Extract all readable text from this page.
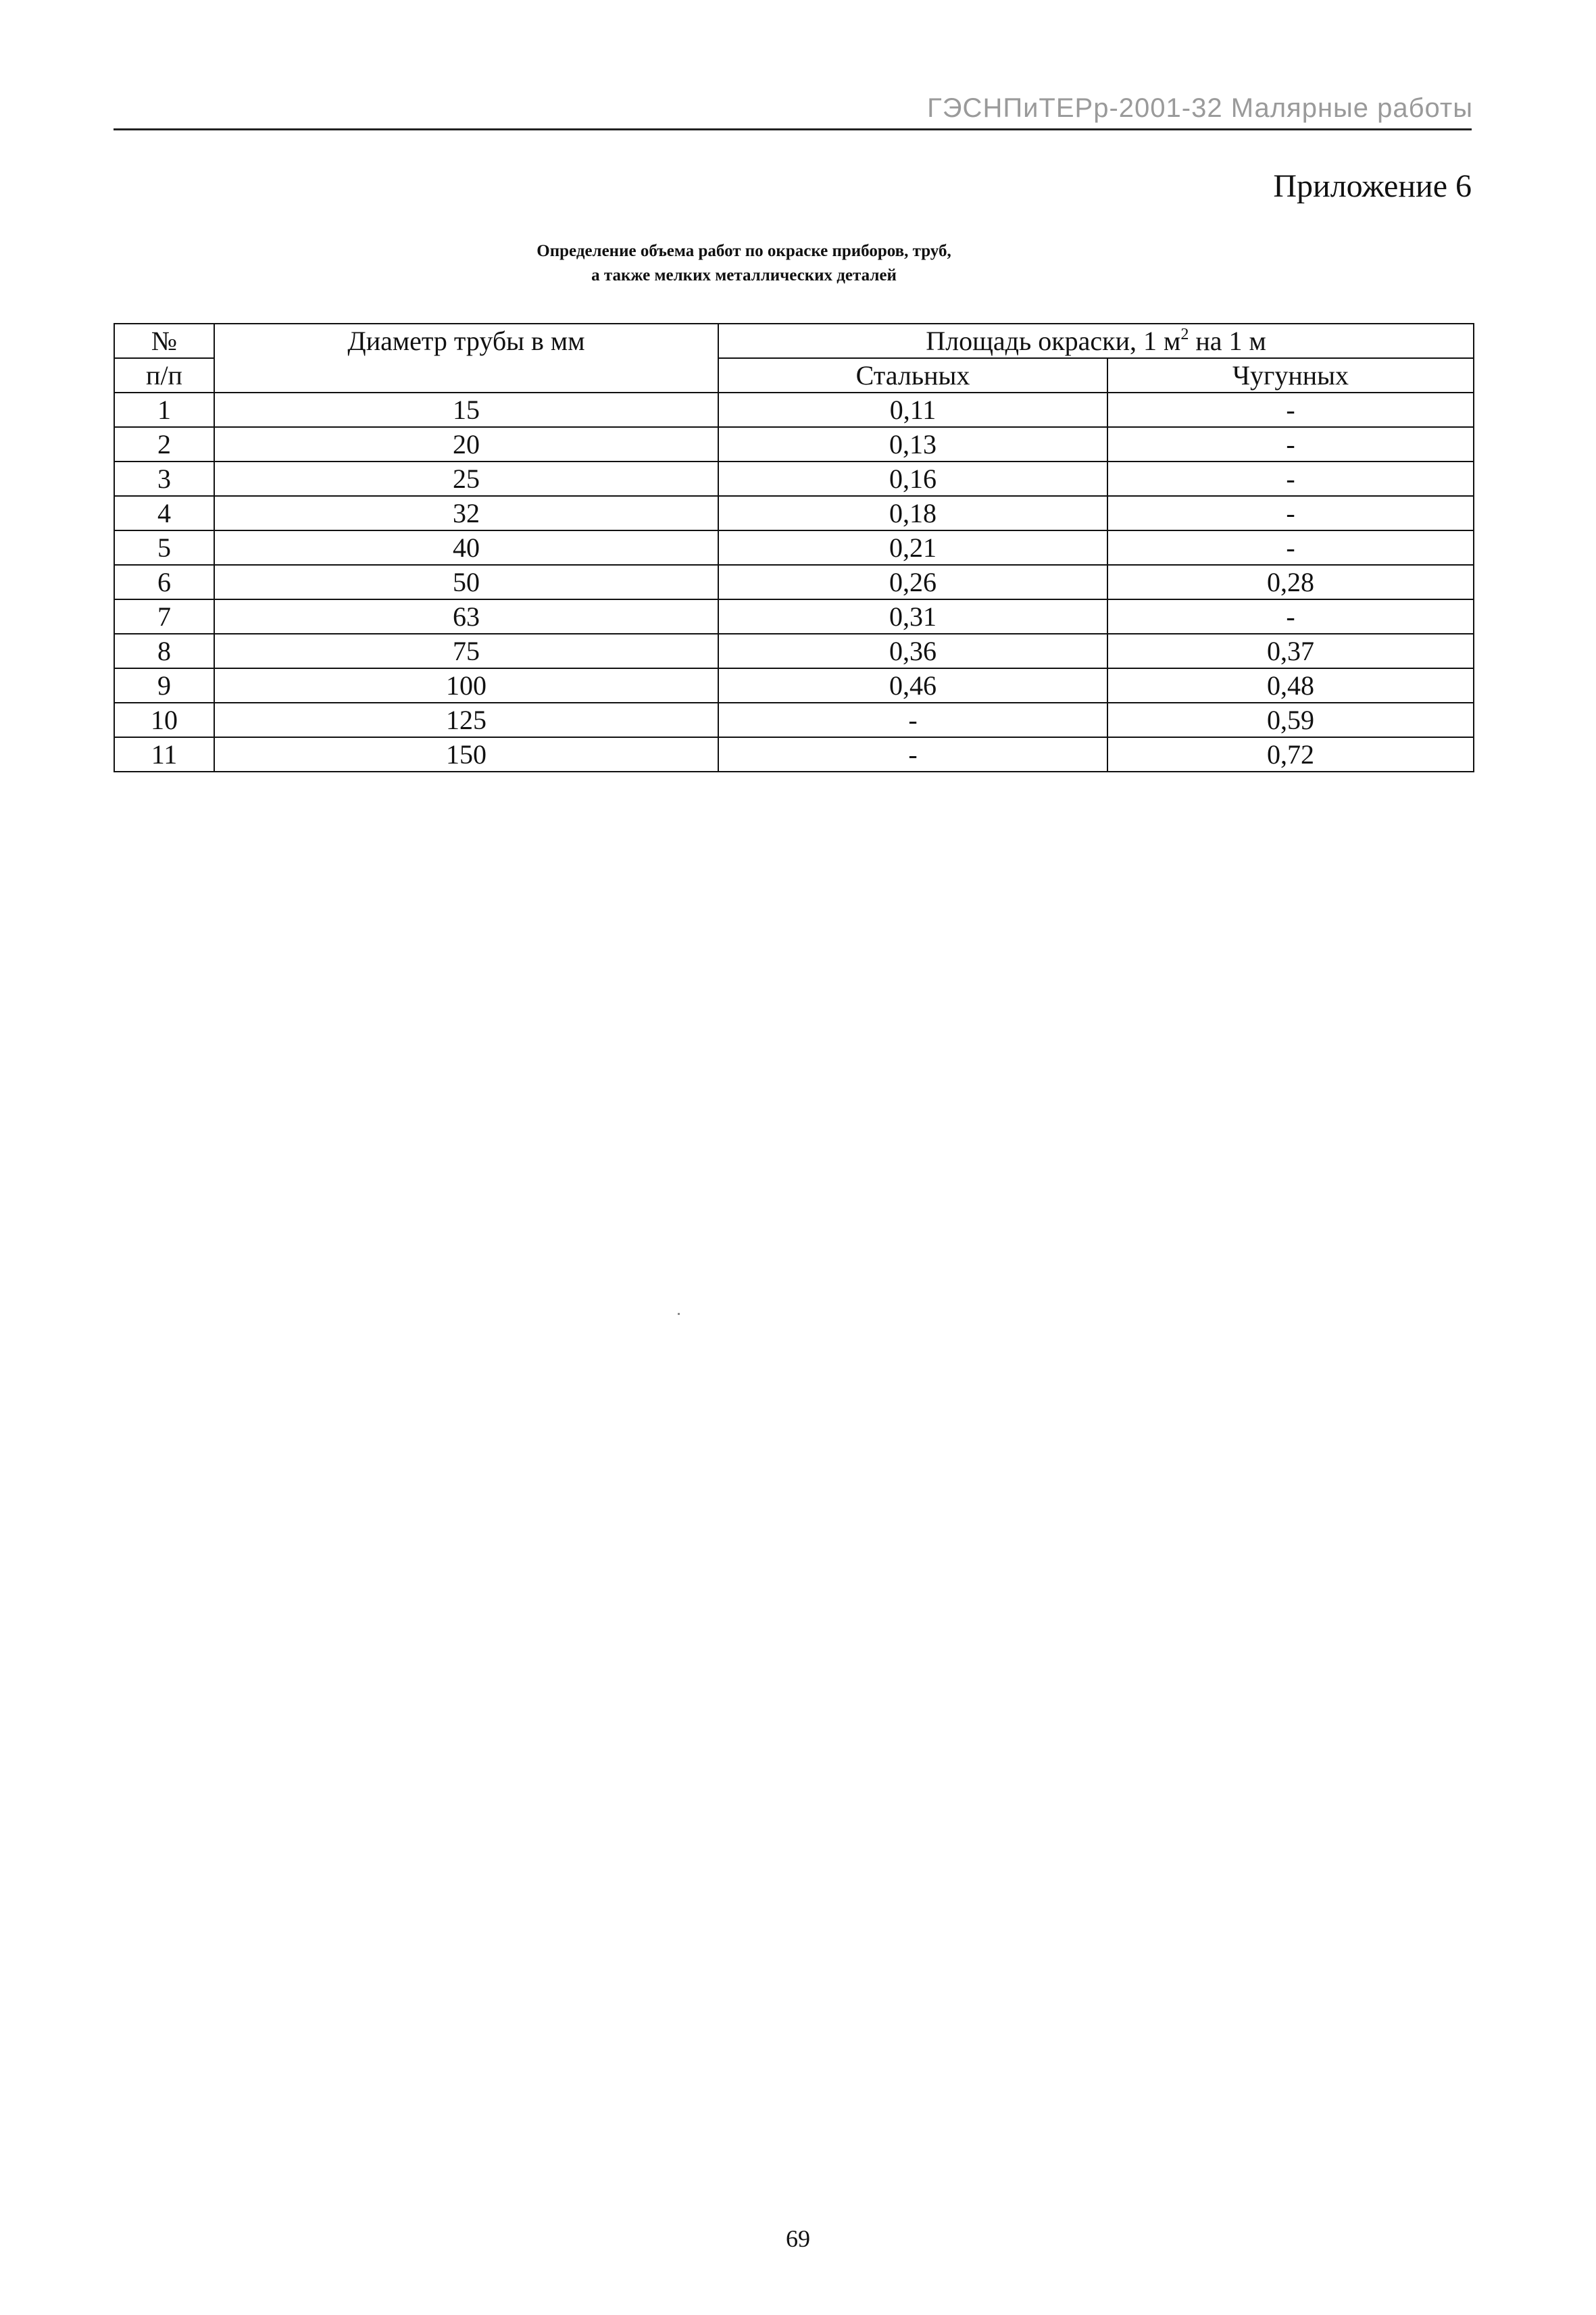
ГЭСНПиТЕРр-2001-32 Малярные работы
Приложение 6
Определение объема работ по окраске приборов, труб,
а также мелких металлических деталей
№	Диаметр трубы в мм	Площадь окраски, 1 $м^2$ на 1 м	
п/п		Стальных	Чугунных
1	15	0,11	-
2	20	0,13	-
3	25	0,16	-
4	32	0,18	-
5	40	0,21	-
6	50	0,26	0,28
7	63	0,31	-
8	75	0,36	0,37
9	100	0,46	0,48
10	125	-	0,59
11	150	-	0,72
69
